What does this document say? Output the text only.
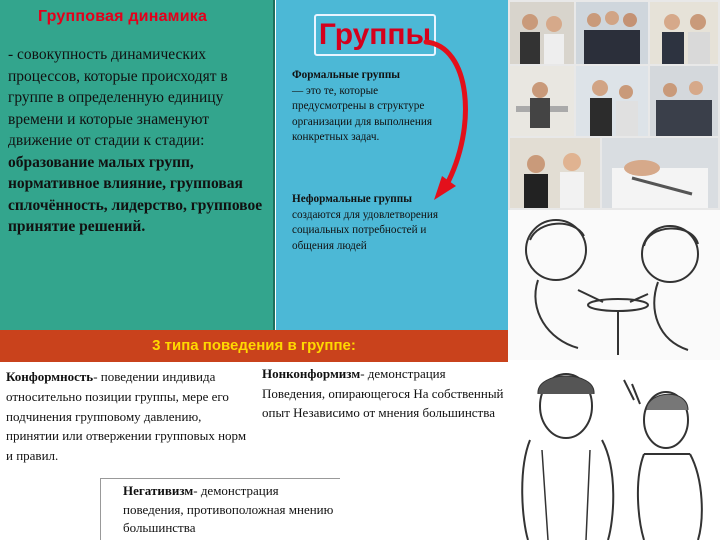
Групповая динамика
- совокупность динамических процессов, которые происходят в группе в определенную единицу времени и которые знаменуют движение от стадии к стадии: образование малых групп, нормативное влияние, групповая сплочённость, лидерство, групповое принятие решений.
Группы
Формальные группы
— это те, которые предусмотрены в структуре организации для выполнения конкретных задач.
Неформальные группы создаются для удовлетворения социальных потребностей и общения людей
3 типа поведения в группе:
Конформность- поведении индивида относительно позиции группы, мере его подчинения групповому давлению, принятии или отвержении групповых норм и правил.
Нонконформизм- демонстрация Поведения, опирающегося На собственный опыт Независимо от мнения большинства
Негативизм- демонстрация поведения, противоположная мнению большинства
